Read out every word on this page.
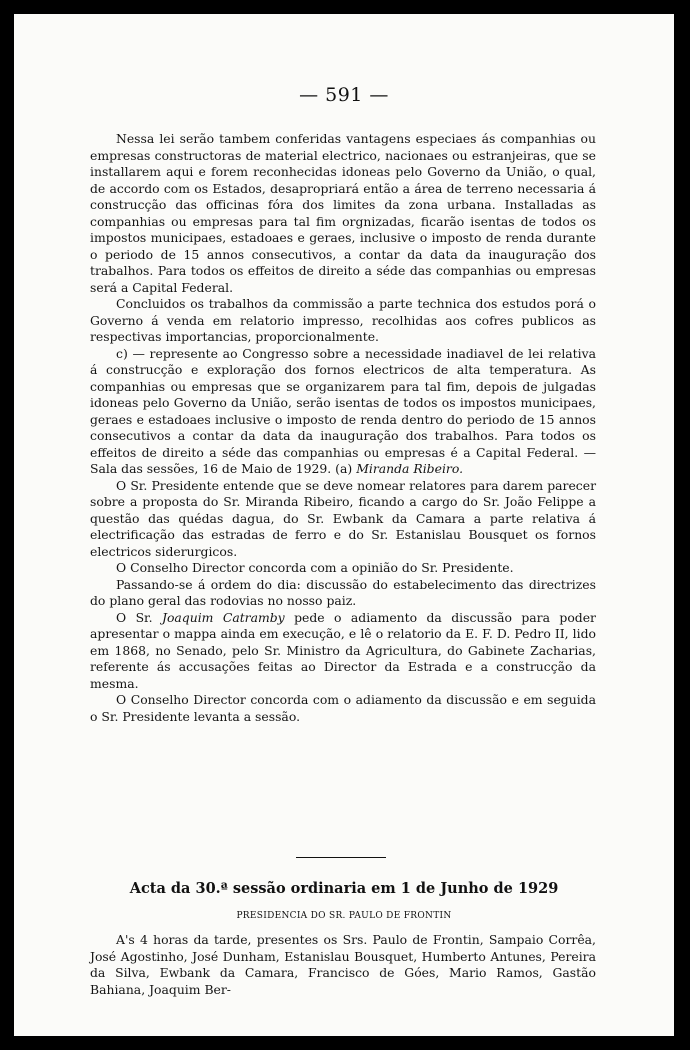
— 591 —

Nessa lei serão tambem conferidas vantagens especiaes ás companhias ou empresas constructoras de material electrico, nacionaes ou estranjeiras, que se installarem aqui e forem reconhecidas idoneas pelo Governo da União, o qual, de accordo com os Estados, desapropriará então a área de terreno necessaria á construcção das officinas fóra dos limites da zona urbana. Installadas as companhias ou empresas para tal fim orgnizadas, ficarão isentas de todos os impostos municipaes, estadoaes e geraes, inclusive o imposto de renda durante o periodo de 15 annos consecutivos, a contar da data da inauguração dos trabalhos. Para todos os effeitos de direito a séde das companhias ou empresas será a Capital Federal.

Concluidos os trabalhos da commissão a parte technica dos estudos porá o Governo á venda em relatorio impresso, recolhidas aos cofres publicos as respectivas importancias, proporcionalmente.

c) — represente ao Congresso sobre a necessidade inadiavel de lei relativa á construcção e exploração dos fornos electricos de alta temperatura. As companhias ou empresas que se organizarem para tal fim, depois de julgadas idoneas pelo Governo da União, serão isentas de todos os impostos municipaes, geraes e estadoaes inclusive o imposto de renda dentro do periodo de 15 annos consecutivos a contar da data da inauguração dos trabalhos. Para todos os effeitos de direito a séde das companhias ou empresas é a Capital Federal. — Sala das sessões, 16 de Maio de 1929. (a) Miranda Ribeiro.

O Sr. Presidente entende que se deve nomear relatores para darem parecer sobre a proposta do Sr. Miranda Ribeiro, ficando a cargo do Sr. João Felippe a questão das quédas dagua, do Sr. Ewbank da Camara a parte relativa á electrificação das estradas de ferro e do Sr. Estanislau Bousquet os fornos electricos siderurgicos.

O Conselho Director concorda com a opinião do Sr. Presidente.

Passando-se á ordem do dia: discussão do estabelecimento das directrizes do plano geral das rodovias no nosso paiz.

O Sr. Joaquim Catramby pede o adiamento da discussão para poder apresentar o mappa ainda em execução, e lê o relatorio da E. F. D. Pedro II, lido em 1868, no Senado, pelo Sr. Ministro da Agricultura, do Gabinete Zacharias, referente ás accusações feitas ao Director da Estrada e a construcção da mesma.

O Conselho Director concorda com o adiamento da discussão e em seguida o Sr. Presidente levanta a sessão.

Acta da 30.ª sessão ordinaria em 1 de Junho de 1929
PRESIDENCIA DO SR. PAULO DE FRONTIN

A's 4 horas da tarde, presentes os Srs. Paulo de Frontin, Sampaio Corrêa, José Agostinho, José Dunham, Estanislau Bousquet, Humberto Antunes, Pereira da Silva, Ewbank da Camara, Francisco de Góes, Mario Ramos, Gastão Bahiana, Joaquim Ber-
